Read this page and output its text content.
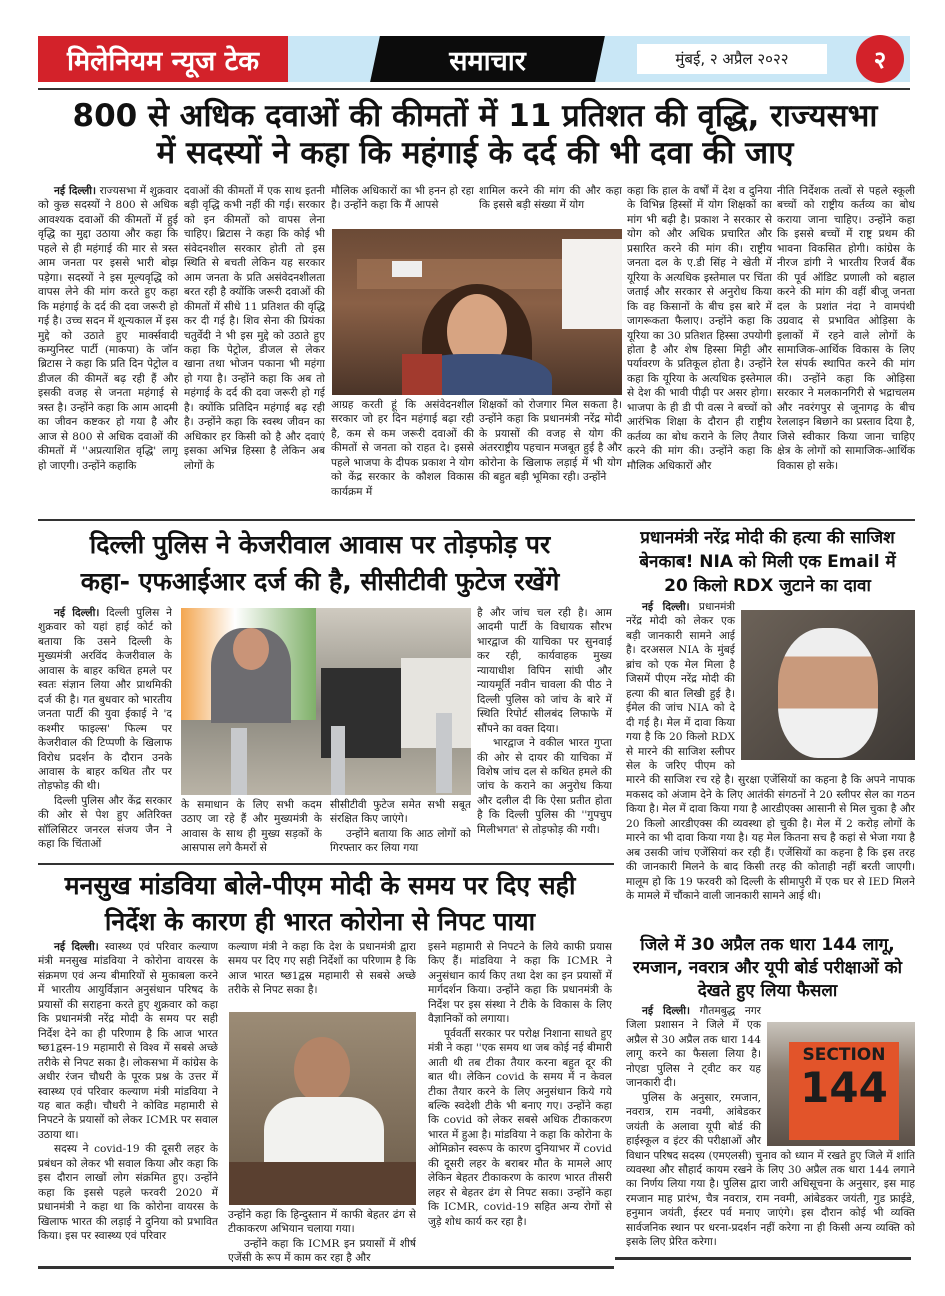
मिलेनियम न्यूज टेक	समाचार	मुंबई, २ अप्रैल २०२२	२
800 से अधिक दवाओं की कीमतों में 11 प्रतिशत की वृद्धि, राज्यसभा
में सदस्यों ने कहा कि महंगाई के दर्द की भी दवा की जाए

नई दिल्ली। राज्यसभा में शुक्रवार को कुछ सदस्यों ने 800 से अधिक आवश्यक दवाओं की कीमतों में हुई वृद्धि का मुद्दा उठाया और कहा कि पहले से ही महंगाई की मार से त्रस्त आम जनता पर इससे भारी बोझ पड़ेगा। सदस्यों ने इस मूल्यवृद्धि को वापस लेने की मांग करते हुए कहा कि महंगाई के दर्द की दवा जरूरी हो गई है। उच्च सदन में शून्यकाल में इस मुद्दे को उठाते हुए मार्क्सवादी कम्युनिस्ट पार्टी (माकपा) के जॉन ब्रिटास ने कहा कि प्रति दिन पेट्रोल व डीजल की कीमतें बढ़ रही हैं और इसकी वजह से जनता महंगाई से त्रस्त है। उन्होंने कहा कि आम आदमी का जीवन कष्टकर हो गया है और आज से 800 से अधिक दवाओं की कीमतों में ''अप्रत्याशित वृद्धि' लागू हो जाएगी। उन्होंने कहाकि

दवाओं की कीमतों में एक साथ इतनी बड़ी वृद्धि कभी नहीं की गई। सरकार को इन कीमतों को वापस लेना चाहिए। ब्रिटास ने कहा कि कोई भी संवेदनशील सरकार होती तो इस स्थिति से बचती लेकिन यह सरकार आम जनता के प्रति असंवेदनशीलता बरत रही है क्योंकि जरूरी दवाओं की कीमतों में सीधे 11 प्रतिशत की वृद्धि कर दी गई है। शिव सेना की प्रियंका चतुर्वेदी ने भी इस मुद्दे को उठाते हुए कहा कि पेट्रोल, डीजल से लेकर खाना तथा भोजन पकाना भी महंगा हो गया है। उन्होंने कहा कि अब तो महंगाई के दर्द की दवा जरूरी हो गई है। क्योंकि प्रतिदिन महंगाई बढ़ रही है। उन्होंने कहा कि स्वस्थ जीवन का अधिकार हर किसी को है और दवाएं इसका अभिन्न हिस्सा है लेकिन अब लोगों के
मौलिक अधिकारों का भी हनन हो रहा है। उन्होंने कहा कि मैं आपसे
शामिल करने की मांग की और कहा कि इससे बड़ी संख्या में योग
आग्रह करती हूं कि असंवेदनशील सरकार जो हर दिन महंगाई बढ़ा रही है, कम से कम जरूरी दवाओं की कीमतों से जनता को राहत दे। इससे पहले भाजपा के दीपक प्रकाश ने योग को केंद्र सरकार के कौशल विकास कार्यक्रम में
शिक्षकों को रोजगार मिल सकता है। उन्होंने कहा कि प्रधानमंत्री नरेंद्र मोदी के प्रयासों की वजह से योग की अंतरराष्ट्रीय पहचान मजबूत हुई है और कोरोना के खिलाफ लड़ाई में भी योग की बहुत बड़ी भूमिका रही। उन्होंने
कहा कि हाल के वर्षों में देश व दुनिया के विभिन्न हिस्सों में योग शिक्षकों का मांग भी बढ़ी है। प्रकाश ने सरकार से योग को और अधिक प्रचारित और प्रसारित करने की मांग की। राष्ट्रीय जनता दल के ए.डी सिंह ने खेती में यूरिया के अत्यधिक इस्तेमाल पर चिंता जताई और सरकार से अनुरोध किया कि वह किसानों के बीच इस बारे में जागरूकता फैलाए। उन्होंने कहा कि यूरिया का 30 प्रतिशत हिस्सा उपयोगी होता है और शेष हिस्सा मिट्टी और पर्यावरण के प्रतिकूल होता है। उन्होंने कहा कि यूरिया के अत्यधिक इस्तेमाल से देश की भावी पीढ़ी पर असर होगा। भाजपा के ही डी पी वत्स ने बच्चों को आरंभिक शिक्षा के दौरान ही राष्ट्रीय कर्तव्य का बोध कराने के लिए तैयार करने की मांग की। उन्होंने कहा कि मौलिक अधिकारों और
नीति निर्देशक तत्वों से पहले स्कूली बच्चों को राष्ट्रीय कर्तव्य का बोध कराया जाना चाहिए। उन्होंने कहा कि इससे बच्चों में राष्ट्र प्रथम की भावना विकसित होगी। कांग्रेस के नीरज डांगी ने भारतीय रिजर्व बैंक की पूर्व ऑडिट प्रणाली को बहाल करने की मांग की वहीं बीजू जनता दल के प्रशांत नंदा ने वामपंथी उग्रवाद से प्रभावित ओड़िसा के इलाकों में रहने वाले लोगों के सामाजिक-आर्थिक विकास के लिए रेल संपर्क स्थापित करने की मांग की। उन्होंने कहा कि ओड़िसा सरकार ने मलकानगिरी से भद्राचलम और नवरंगपुर से जूनागढ़ के बीच रेललाइन बिछाने का प्रस्ताव दिया है, जिसे स्वीकार किया जाना चाहिए क्षेत्र के लोगों को सामाजिक-आर्थिक विकास हो सके।
दिल्ली पुलिस ने केजरीवाल आवास पर तोड़फोड़ पर
कहा- एफआईआर दर्ज की है, सीसीटीवी फुटेज रखेंगे

नई दिल्ली। दिल्ली पुलिस ने शुक्रवार को यहां हाई कोर्ट को बताया कि उसने दिल्ली के मुख्यमंत्री अरविंद केजरीवाल के आवास के बाहर कथित हमले पर स्वतः संज्ञान लिया और प्राथमिकी दर्ज की है। गत बुधवार को भारतीय जनता पार्टी की युवा ईकाई ने 'द कश्मीर फाइल्स' फिल्म पर केजरीवाल की टिप्पणी के खिलाफ विरोध प्रदर्शन के दौरान उनके आवास के बाहर कथित तौर पर तोड़फोड़ की थी।

दिल्ली पुलिस और केंद्र सरकार की ओर से पेश हुए अतिरिक्त सॉलिसिटर जनरल संजय जैन ने कहा कि चिंताओं

के समाधान के लिए सभी कदम उठाए जा रहे हैं और मुख्यमंत्री के आवास के साथ ही मुख्य सड़कों के आसपास लगे कैमरों से
सीसीटीवी फुटेज समेत सभी सबूत संरक्षित किए जाएंगे।

उन्होंने बताया कि आठ लोगों को गिरफ्तार कर लिया गया

है और जांच चल रही है। आम आदमी पार्टी के विधायक सौरभ भारद्वाज की याचिका पर सुनवाई कर रही, कार्यवाहक मुख्य न्यायाधीश विपिन सांघी और न्यायमूर्ति नवीन चावला की पीठ ने दिल्ली पुलिस को जांच के बारे में स्थिति रिपोर्ट सीलबंद लिफाफे में सौंपने का वक्त दिया।

भारद्वाज ने वकील भारत गुप्ता की ओर से दायर की याचिका में विशेष जांच दल से कथित हमले की जांच के कराने का अनुरोध किया और दलील दी कि ऐसा प्रतीत होता है कि दिल्ली पुलिस की ''गुपचुप मिलीभगत' से तोड़फोड़ की गयी।

प्रधानमंत्री नरेंद्र मोदी की हत्या की साजिश
बेनकाब! NIA को मिली एक Email में
20 किलो RDX जुटाने का दावा

नई दिल्ली। प्रधानमंत्री नरेंद्र मोदी को लेकर एक बड़ी जानकारी सामने आई है। दरअसल NIA के मुंबई ब्रांच को एक मेल मिला है जिसमें पीएम नरेंद्र मोदी की हत्या की बात लिखी हुई है। ईमेल की जांच NIA को दे दी गई है। मेल में दावा किया गया है कि 20 किलो RDX से मारने की साजिश स्लीपर सेल के जरिए पीएम को मारने की साजिश रच रहे है। सुरक्षा एजेंसियों का कहना है कि अपने नापाक मकसद को अंजाम देने के लिए आतंकी संगठनों ने 20 स्लीपर सेल का गठन किया है। मेल में दावा किया गया है आरडीएक्स आसानी से मिल चुका है और 20 किलो आरडीएक्स की व्यवस्था हो चुकी है। मेल में 2 करोड़ लोगों के मारने का भी दावा किया गया है। यह मेल कितना सच है कहां से भेजा गया है अब उसकी जांच एजेंसियां कर रही हैं। एजेंसियों का कहना है कि इस तरह की जानकारी मिलने के बाद किसी तरह की कोताही नहीं बरती जाएगी। मालूम हो कि 19 फरवरी को दिल्ली के सीमापुरी में एक घर से IED मिलने के मामले में चौंकाने वाली जानकारी सामने आई थी।

मनसुख मांडविया बोले-पीएम मोदी के समय पर दिए सही
निर्देश के कारण ही भारत कोरोना से निपट पाया

नई दिल्ली। स्वास्थ्य एवं परिवार कल्याण मंत्री मनसुख मांडविया ने कोरोना वायरस के संक्रमण एवं अन्य बीमारियों से मुकाबला करने में भारतीय आयुर्विज्ञान अनुसंधान परिषद के प्रयासों की सराहना करते हुए शुक्रवार को कहा कि प्रधानमंत्री नरेंद्र मोदी के समय पर सही निर्देश देने का ही परिणाम है कि आज भारत ष्छ1द्वस्न-19 महामारी से विश्व में सबसे अच्छे तरीके से निपट सका है। लोकसभा में कांग्रेस के अधीर रंजन चौधरी के पूरक प्रश्न के उत्तर में स्वास्थ्य एवं परिवार कल्याण मंत्री मांडविया ने यह बात कही। चौधरी ने कोविड महामारी से निपटने के प्रयासों को लेकर ICMR पर सवाल उठाया था।

सदस्य ने covid-19 की दूसरी लहर के प्रबंधन को लेकर भी सवाल किया और कहा कि इस दौरान लाखों लोग संक्रमित हुए। उन्होंने कहा कि इससे पहले फरवरी 2020 में प्रधानमंत्री ने कहा था कि कोरोना वायरस के खिलाफ भारत की लड़ाई ने दुनिया को प्रभावित किया। इस पर स्वास्थ्य एवं परिवार

कल्याण मंत्री ने कहा कि देश के प्रधानमंत्री द्वारा समय पर दिए गए सही निर्देशों का परिणाम है कि आज भारत ष्छ1द्वस्र महामारी से सबसे अच्छे तरीके से निपट सका है।
उन्होंने कहा कि हिन्दुस्तान में काफी बेहतर ढंग से टीकाकरण अभियान चलाया गया।

उन्होंने कहा कि ICMR इन प्रयासों में शीर्ष एजेंसी के रूप में काम कर रहा है और

इसने महामारी से निपटने के लिये काफी प्रयास किए हैं। मांडविया ने कहा कि ICMR ने अनुसंधान कार्य किए तथा देश का इन प्रयासों में मार्गदर्शन किया। उन्होंने कहा कि प्रधानमंत्री के निर्देश पर इस संस्था ने टीके के विकास के लिए वैज्ञानिकों को लगाया।

पूर्ववर्ती सरकार पर परोक्ष निशाना साधते हुए मंत्री ने कहा ''एक समय था जब कोई नई बीमारी आती थी तब टीका तैयार करना बहुत दूर की बात थी। लेकिन covid के समय में न केवल टीका तैयार करने के लिए अनुसंधान किये गये बल्कि स्वदेशी टीके भी बनाए गए। उन्होंने कहा कि covid को लेकर सबसे अधिक टीकाकरण भारत में हुआ है। मांडविया ने कहा कि कोरोना के ओमिक्रोन स्वरूप के कारण दुनियाभर में covid की दूसरी लहर के बराबर मौत के मामले आए लेकिन बेहतर टीकाकरण के कारण भारत तीसरी लहर से बेहतर ढंग से निपट सका। उन्होंने कहा कि ICMR, covid-19 सहित अन्य रोगों से जुड़े शोध कार्य कर रहा है।

जिले में 30 अप्रैल तक धारा 144 लागू,
रमजान, नवरात्र और यूपी बोर्ड परीक्षाओं को
देखते हुए लिया फैसला
SECTION
144

नई दिल्ली। गौतमबुद्ध नगर जिला प्रशासन ने जिले में एक अप्रैल से 30 अप्रैल तक धारा 144 लागू करने का फैसला लिया है। नोएडा पुलिस ने ट्वीट कर यह जानकारी दी।

पुलिस के अनुसार, रमजान, नवरात्र, राम नवमी, आंबेडकर जयंती के अलावा यूपी बोर्ड की हाईस्कूल व इंटर की परीक्षाओं और विधान परिषद सदस्य (एमएलसी) चुनाव को ध्यान में रखते हुए जिले में शांति व्यवस्था और सौहार्द कायम रखने के लिए 30 अप्रैल तक धारा 144 लगाने का निर्णय लिया गया है। पुलिस द्वारा जारी अधिसूचना के अनुसार, इस माह रमजान माह प्रारंभ, चैत्र नवरात्र, राम नवमी, आंबेडकर जयंती, गुड फ्राईडे, हनुमान जयंती, ईस्टर पर्व मनाए जाएंगे। इस दौरान कोई भी व्यक्ति सार्वजनिक स्थान पर धरना-प्रदर्शन नहीं करेगा ना ही किसी अन्य व्यक्ति को इसके लिए प्रेरित करेगा।
